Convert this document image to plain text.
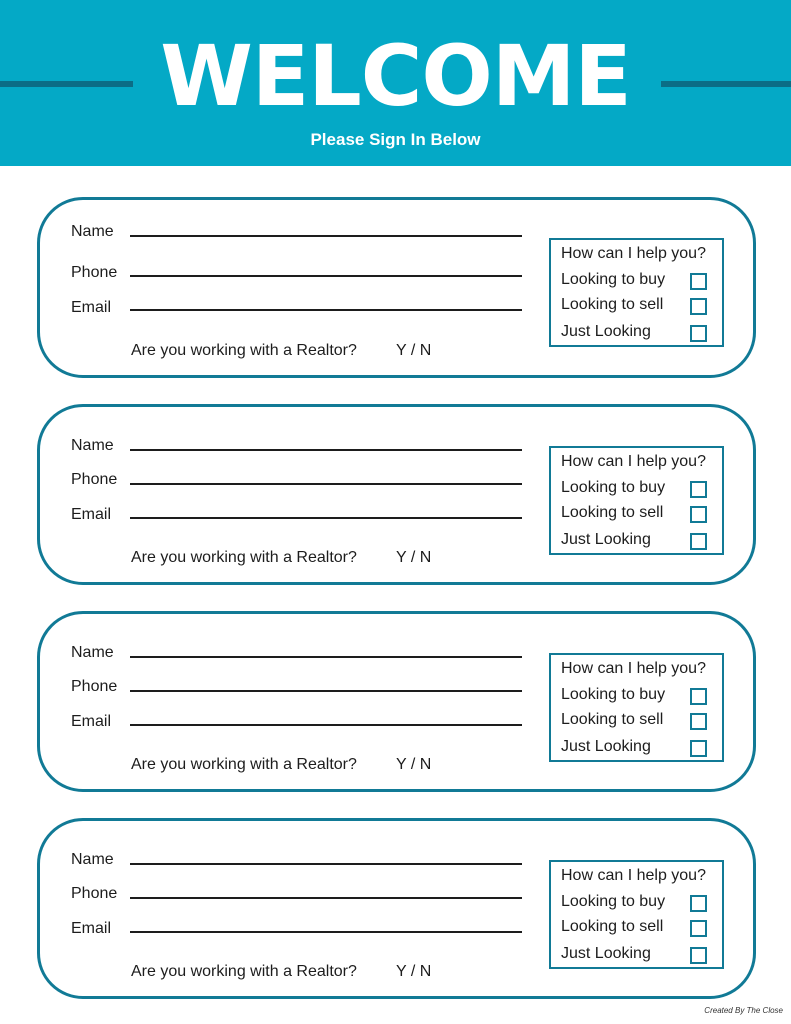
WELCOME
Please Sign In Below
Name
Phone
Email
Are you working with a Realtor? Y / N
How can I help you?
Looking to buy
Looking to sell
Just Looking
Name
Phone
Email
Are you working with a Realtor? Y / N
How can I help you?
Looking to buy
Looking to sell
Just Looking
Name
Phone
Email
Are you working with a Realtor? Y / N
How can I help you?
Looking to buy
Looking to sell
Just Looking
Name
Phone
Email
Are you working with a Realtor? Y / N
How can I help you?
Looking to buy
Looking to sell
Just Looking
Created By The Close
